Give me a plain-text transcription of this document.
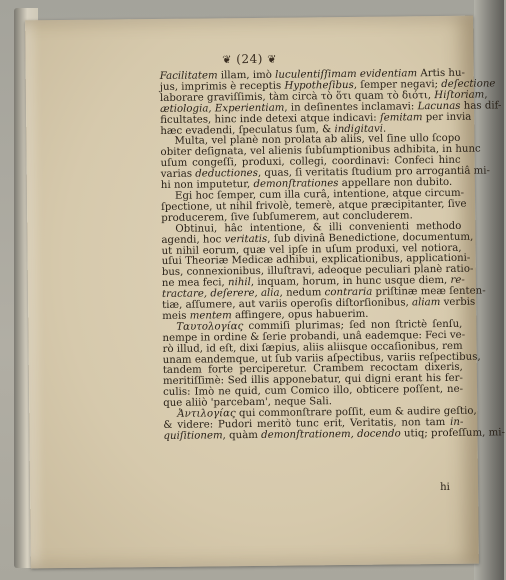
❦ (24) ❦
Facilitatem illam, imò luculentiſſimam evidentiam Artis hu-
jus, imprimis è receptis Hypotheſibus, ſemper negavi; deſectione
laborare graviſſimis, tàm circà τὸ ὅτι quam τὸ διότι, Hiſtoriam,
ætiologia, Experientiam, in deſinentes inclamavi: Lacunas has dif-
ficultates, hinc inde detexi atque indicavi: ſemitam per invia
hæc evadendi, ſpeculatus ſum, & indigitavi.
Multa, vel planè non prolata ab aliis, vel ſine ullo ſcopo
obiter deſignata, vel alienis ſubſumptionibus adhibita, in hunc
uſum congeſſi, produxi, collegi, coordinavi: Confeci hinc
varias deductiones, quas, ſi veritatis ſtudium pro arrogantiâ mi-
hi non imputetur, demonſtrationes appellare non dubito.
Egi hoc ſemper, cum illa curâ, intentione, atque circum-
ſpectione, ut nihil frivolè, temerè, atque præcipitanter, ſive
producerem, ſive ſubſumerem, aut concluderem.
Obtinui, hâc intentione, & illi convenienti methodo
agendi, hoc veritatis, ſub divinâ Benedictione, documentum,
ut nihil eorum, quæ vel ipſe in uſum produxi, vel notiora,
uſui Theoriæ Medicæ adhibui, explicationibus, applicationi-
bus, connexionibus, illuſtravi, adeoque peculiari planè ratio-
ne mea feci, nihil, inquam, horum, in hunc usque diem, re-
tractare, deſerere, alia, nedum contraria priſtinæ meæ ſenten-
tiæ, aſſumere, aut variis operoſis diſtorſionibus, aliam verbis
meis mentem affingere, opus habuerim.
Ταυτολογίας commiſi plurimas; ſed non ſtrictè ſenſu,
nempe in ordine & ſerie probandi, unâ eademque: Feci ve-
rò illud, id eſt, dixi ſæpius, aliis aliisque occaſionibus, rem
unam eandemque, ut ſub variis aſpectibus, variis reſpectibus,
tandem forte perciperetur. Crambem recoctam dixeris,
meritiſſimè: Sed illis apponebatur, qui digni erant his fer-
culis: Imò ne quid, cum Comico illo, obticere poſſent, ne-
que aliiò 'parcebam', neque Sali.
Ἀντιλογίας qui commonſtrare poſſit, eum & audire geſtio,
& videre: Pudori meritò tunc erit, Veritatis, non tam in-
quiſitionem, quàm demonſtrationem, docendo utiq; profeſſum, mi-
hi
